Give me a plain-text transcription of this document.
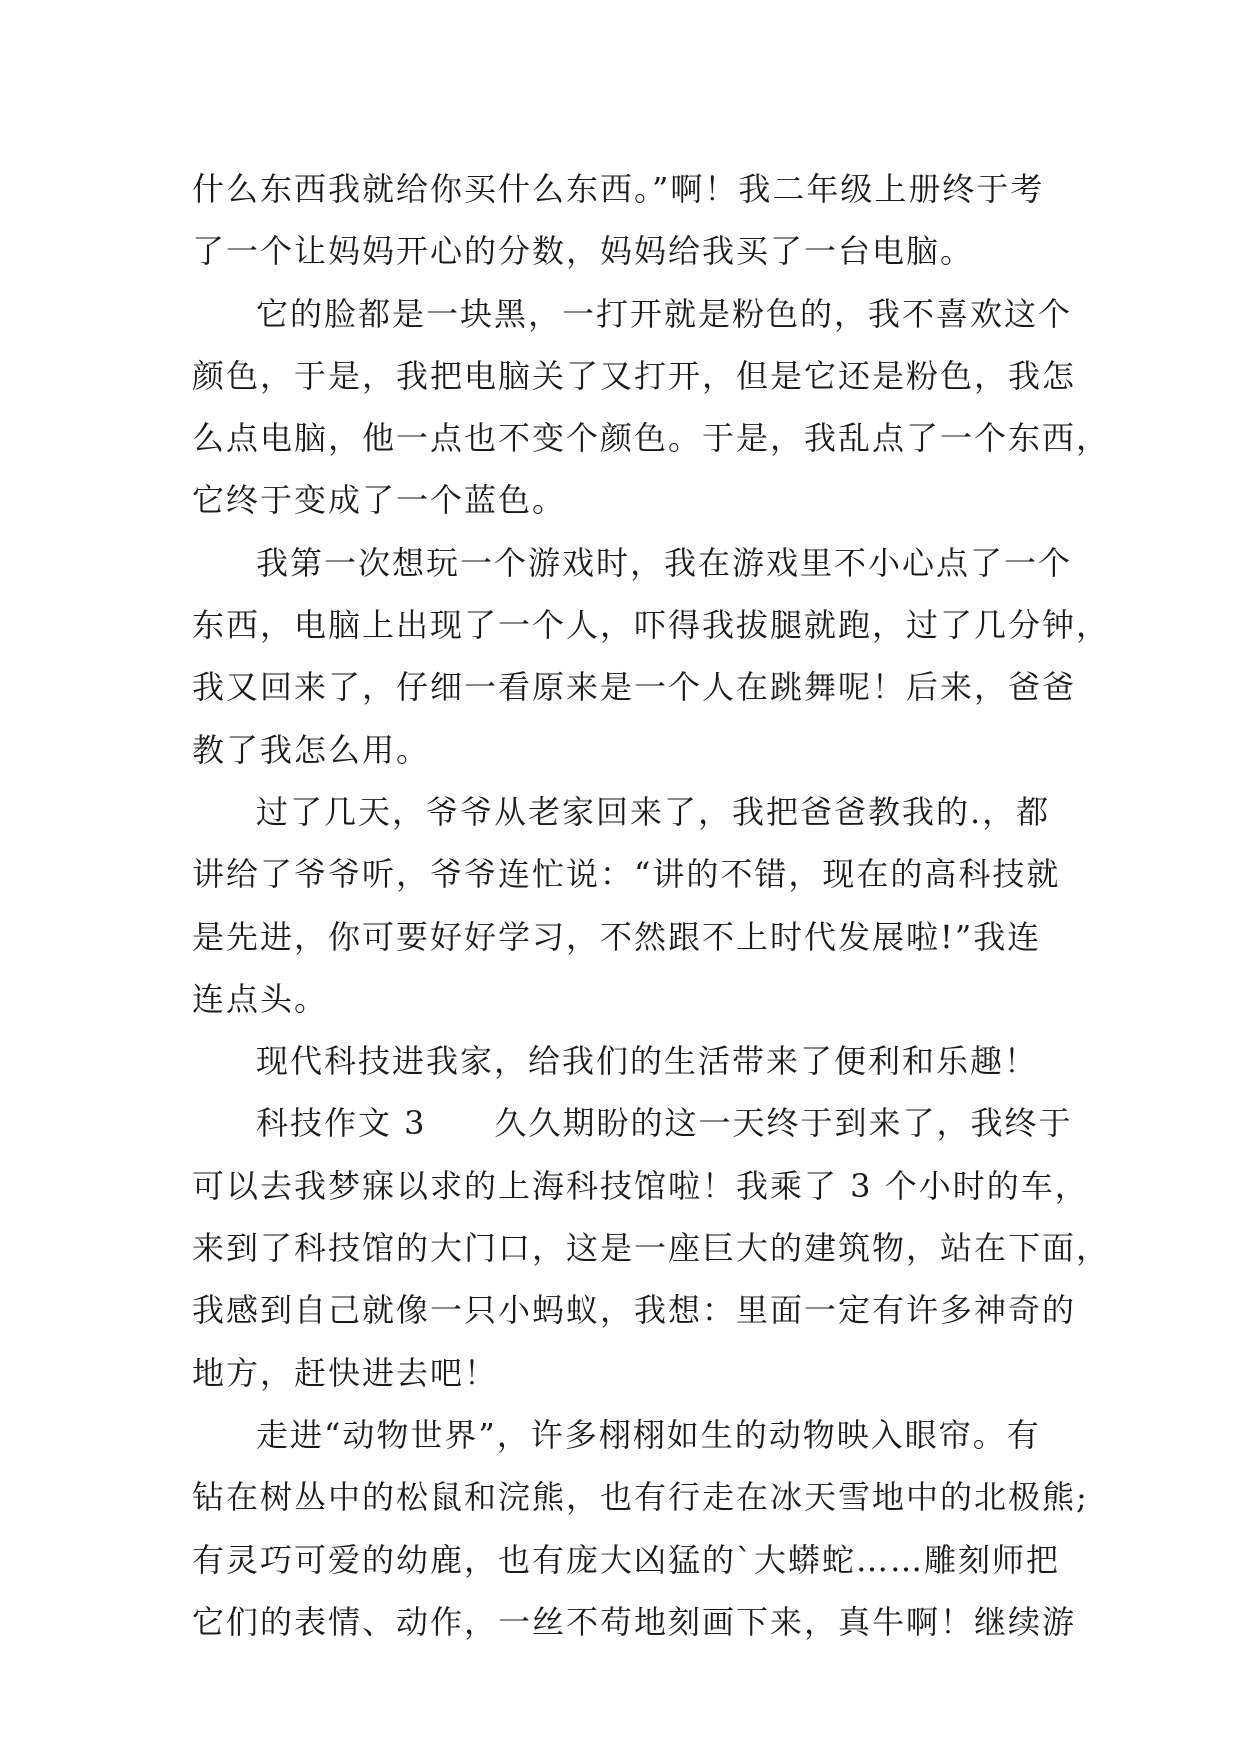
什么东西我就给你买什么东西。”啊！我二年级上册终于考
了一个让妈妈开心的分数，妈妈给我买了一台电脑。
它的脸都是一块黑，一打开就是粉色的，我不喜欢这个
颜色，于是，我把电脑关了又打开，但是它还是粉色，我怎
么点电脑，他一点也不变个颜色。于是，我乱点了一个东西，
它终于变成了一个蓝色。
我第一次想玩一个游戏时，我在游戏里不小心点了一个
东西，电脑上出现了一个人，吓得我拔腿就跑，过了几分钟，
我又回来了，仔细一看原来是一个人在跳舞呢！后来，爸爸
教了我怎么用。
过了几天，爷爷从老家回来了，我把爸爸教我的.，都
讲给了爷爷听，爷爷连忙说：“讲的不错，现在的高科技就
是先进，你可要好好学习，不然跟不上时代发展啦!”我连
连点头。
现代科技进我家，给我们的生活带来了便利和乐趣！
科技作文 3　　久久期盼的这一天终于到来了，我终于
可以去我梦寐以求的上海科技馆啦！我乘了 3 个小时的车，
来到了科技馆的大门口，这是一座巨大的建筑物，站在下面，
我感到自己就像一只小蚂蚁，我想：里面一定有许多神奇的
地方，赶快进去吧！
走进“动物世界”，许多栩栩如生的动物映入眼帘。有
钻在树丛中的松鼠和浣熊，也有行走在冰天雪地中的北极熊;
有灵巧可爱的幼鹿，也有庞大凶猛的`大蟒蛇……雕刻师把
它们的表情、动作，一丝不苟地刻画下来，真牛啊！继续游
